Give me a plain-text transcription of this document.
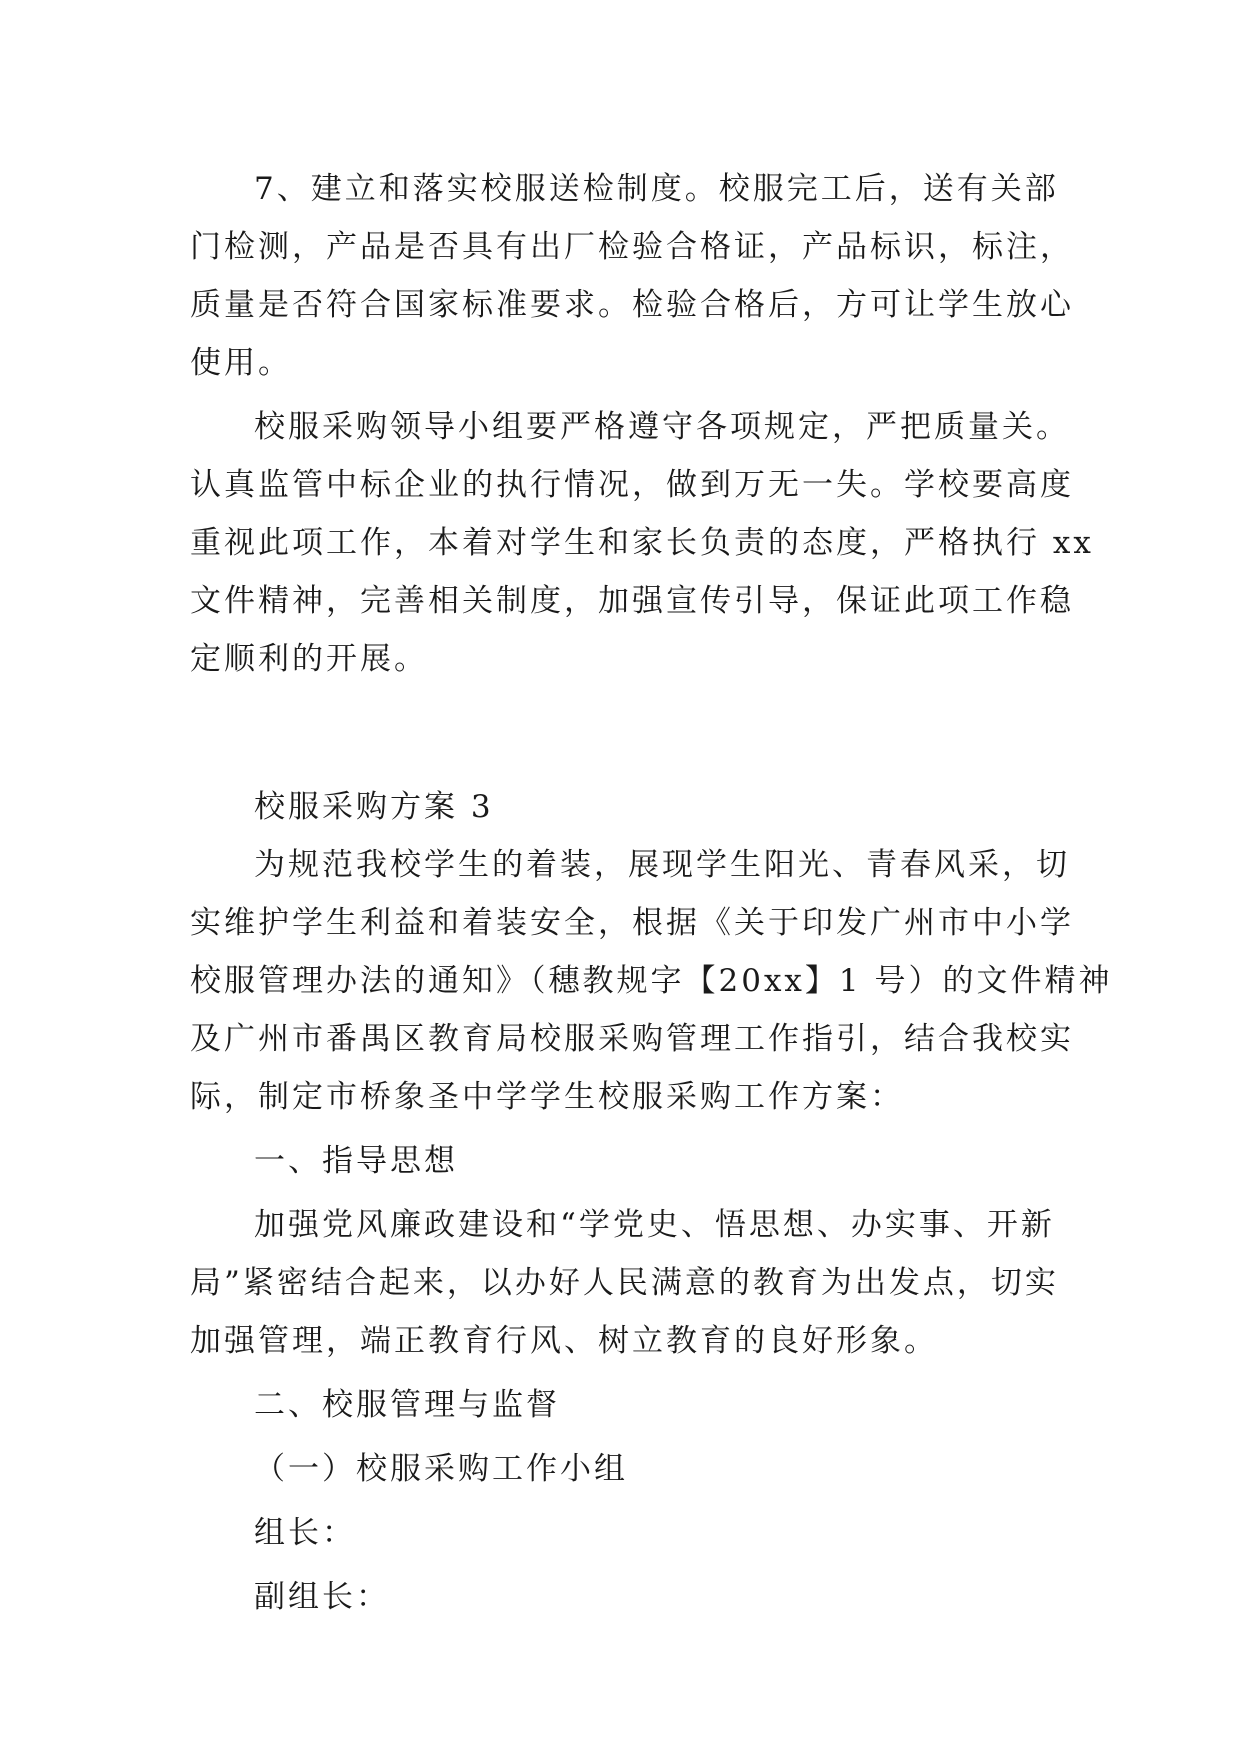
7、建立和落实校服送检制度。校服完工后，送有关部
门检测，产品是否具有出厂检验合格证，产品标识，标注，
质量是否符合国家标准要求。检验合格后，方可让学生放心
使用。
校服采购领导小组要严格遵守各项规定，严把质量关。
认真监管中标企业的执行情况，做到万无一失。学校要高度
重视此项工作，本着对学生和家长负责的态度，严格执行 xx
文件精神，完善相关制度，加强宣传引导，保证此项工作稳
定顺利的开展。
校服采购方案 3
为规范我校学生的着装，展现学生阳光、青春风采，切
实维护学生利益和着装安全，根据《关于印发广州市中小学
校服管理办法的通知》（穗教规字【20xx】1 号）的文件精神
及广州市番禺区教育局校服采购管理工作指引，结合我校实
际，制定市桥象圣中学学生校服采购工作方案：
一、指导思想
加强党风廉政建设和“学党史、悟思想、办实事、开新
局”紧密结合起来，以办好人民满意的教育为出发点，切实
加强管理，端正教育行风、树立教育的良好形象。
二、校服管理与监督
（一）校服采购工作小组
组长：
副组长：
